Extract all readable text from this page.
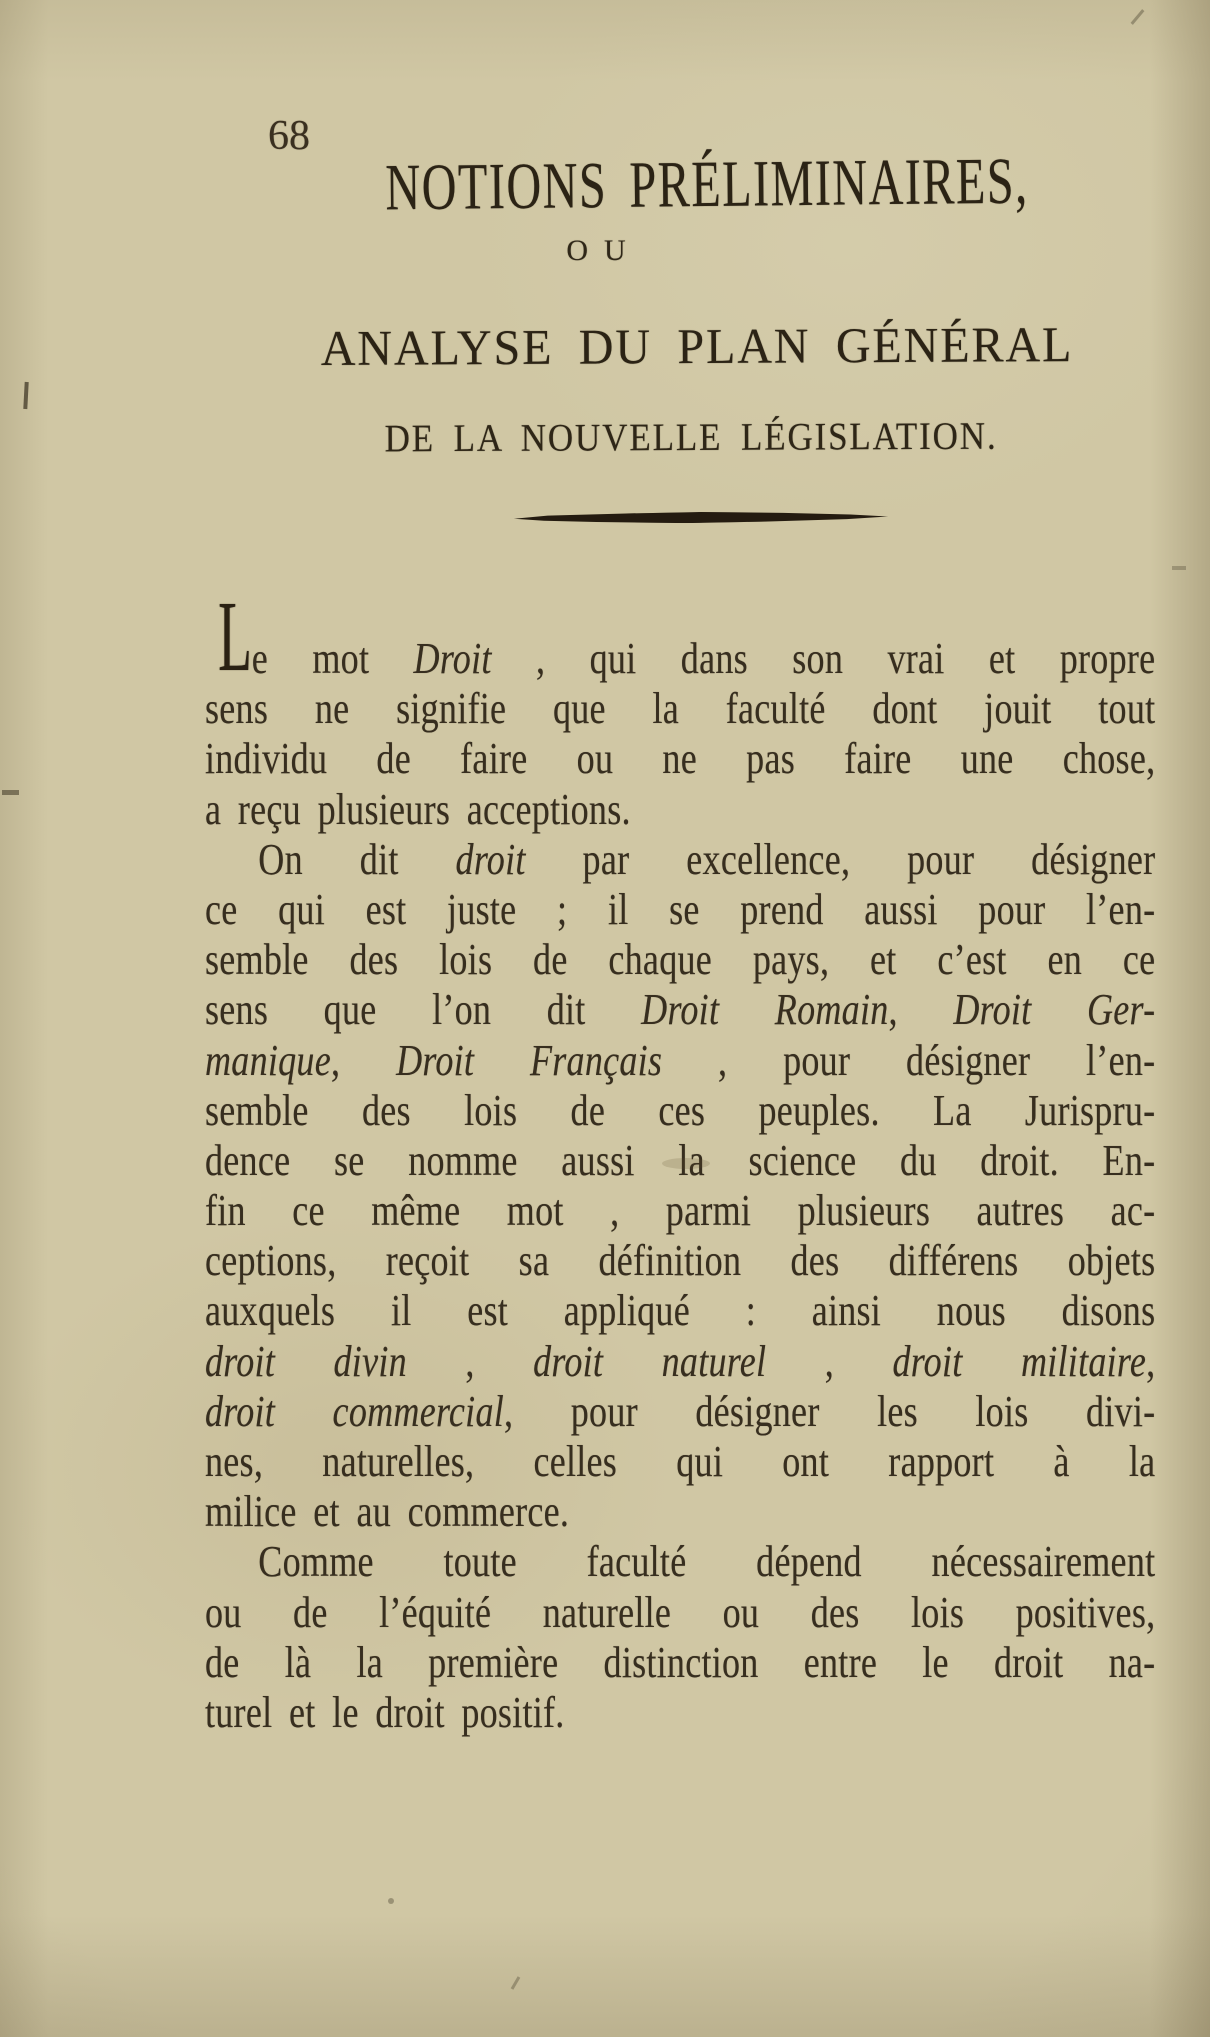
68
NOTIONS PRÉLIMINAIRES,
OU
ANALYSE DU PLAN GÉNÉRAL
DE LA NOUVELLE LÉGISLATION.
L e mot Droit , qui dans son vrai et propre
sens ne signifie que la faculté dont jouit tout
individu de faire ou ne pas faire une chose,
a reçu plusieurs acceptions.
On dit droit par excellence, pour désigner
ce qui est juste ; il se prend aussi pour l’en-
semble des lois de chaque pays, et c’est en ce
sens que l’on dit Droit Romain, Droit Ger-
manique, Droit Français , pour désigner l’en-
semble des lois de ces peuples. La Jurispru-
dence se nomme aussi la science du droit. En-
fin ce même mot , parmi plusieurs autres ac-
ceptions, reçoit sa définition des différens objets
auxquels il est appliqué : ainsi nous disons
droit divin , droit naturel , droit militaire,
droit commercial, pour désigner les lois divi-
nes, naturelles, celles qui ont rapport à la
milice et au commerce.
Comme toute faculté dépend nécessairement
ou de l’équité naturelle ou des lois positives,
de là la première distinction entre le droit na-
turel et le droit positif.
